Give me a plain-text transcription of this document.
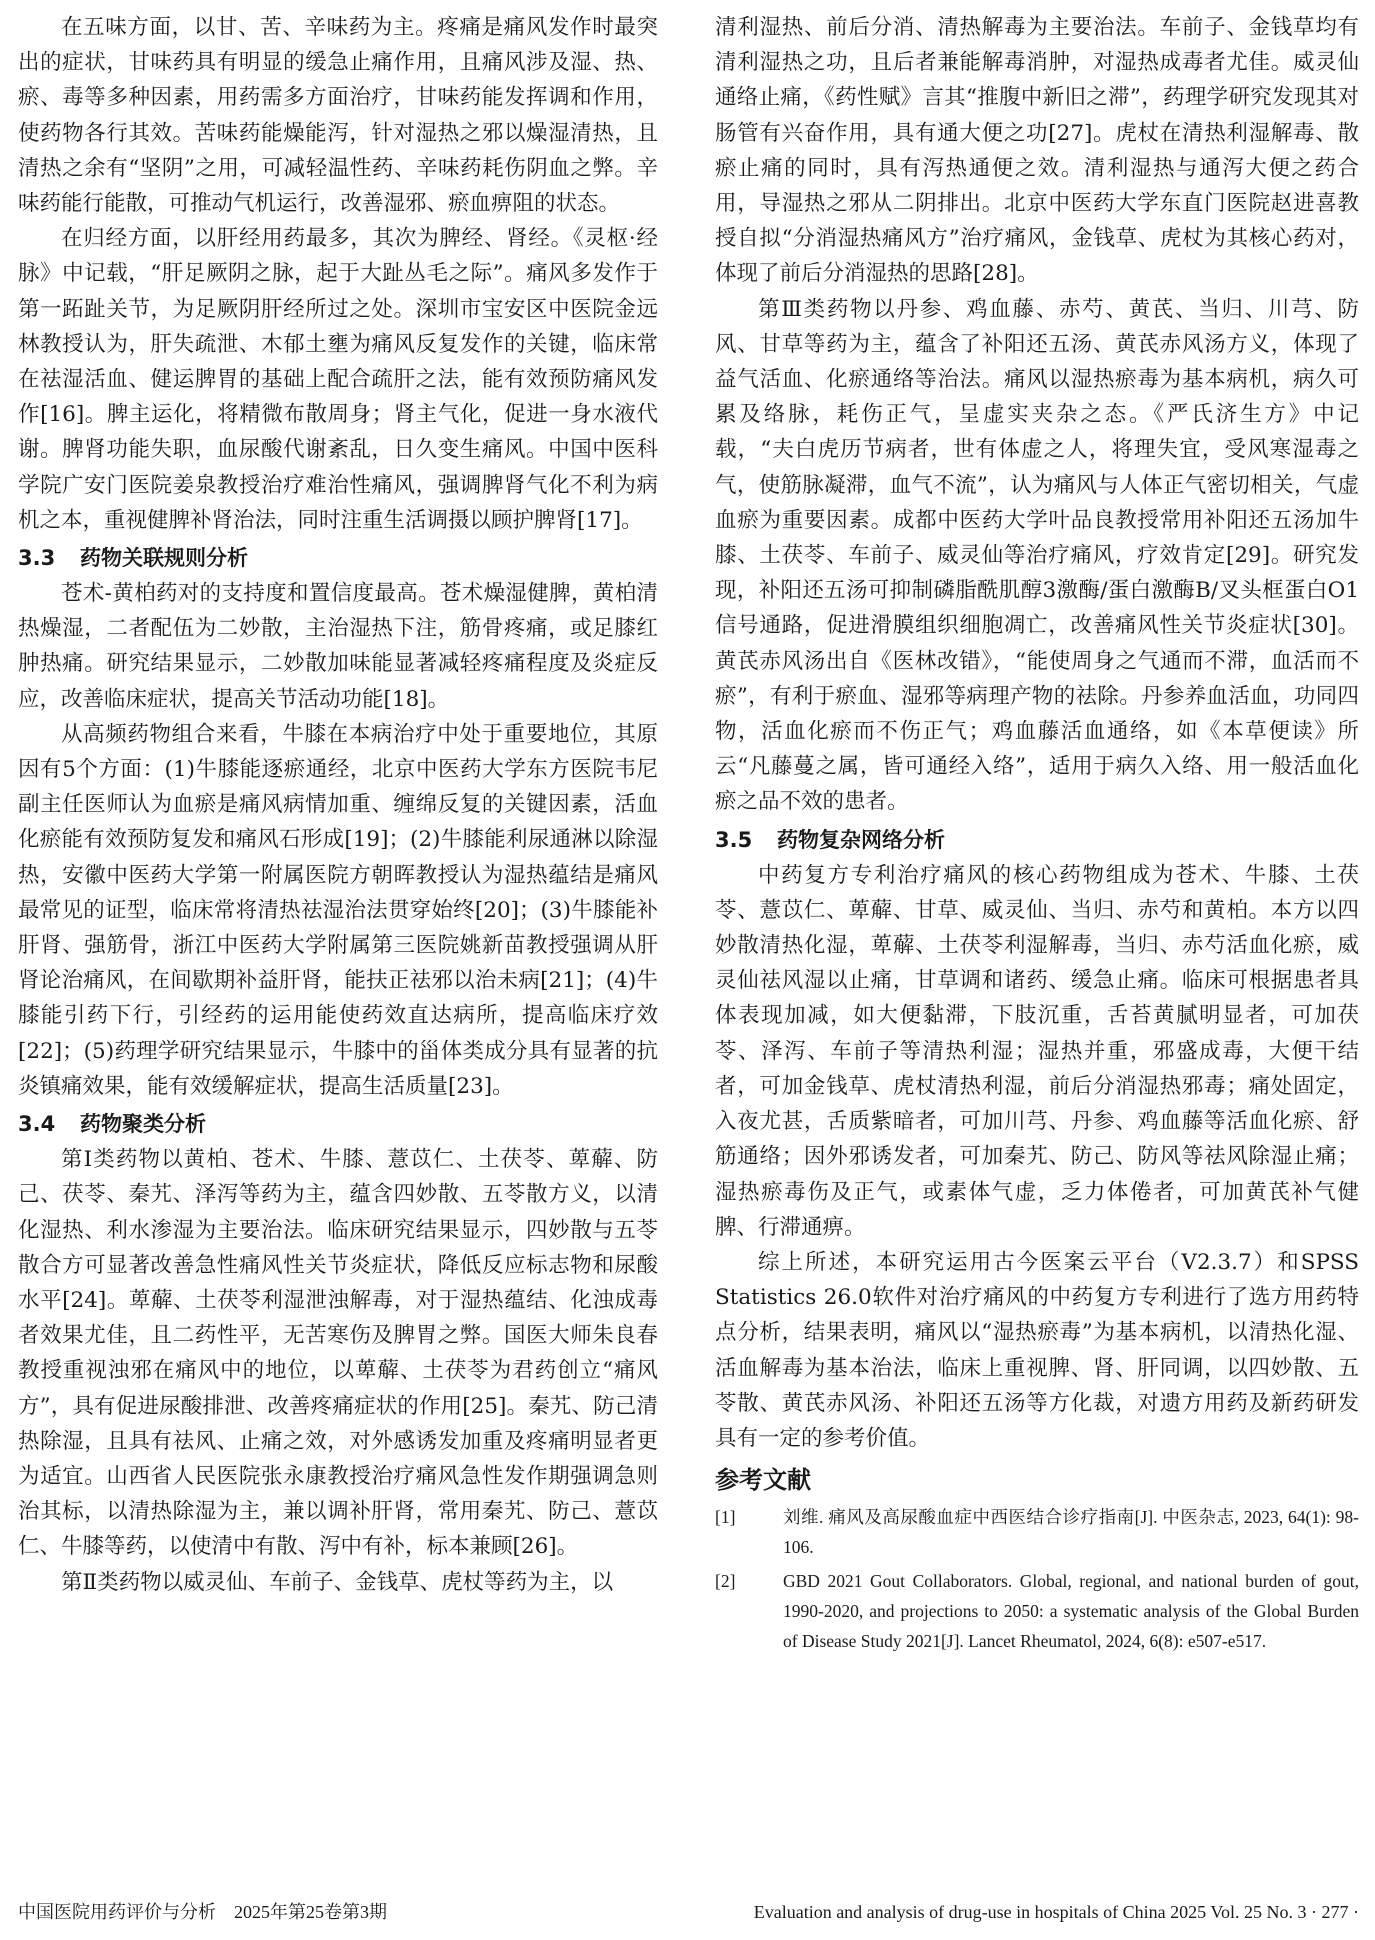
在五味方面，以甘、苦、辛味药为主。疼痛是痛风发作时最突出的症状，甘味药具有明显的缓急止痛作用，且痛风涉及湿、热、瘀、毒等多种因素，用药需多方面治疗，甘味药能发挥调和作用，使药物各行其效。苦味药能燥能泻，针对湿热之邪以燥湿清热，且清热之余有“坚阴”之用，可减轻温性药、辛味药耗伤阴血之弊。辛味药能行能散，可推动气机运行，改善湿邪、瘀血痹阻的状态。

在归经方面，以肝经用药最多，其次为脾经、肾经。《灵枢·经脉》中记载，“肝足厥阴之脉，起于大趾丛毛之际”。痛风多发作于第一跖趾关节，为足厥阴肝经所过之处。深圳市宝安区中医院金远林教授认为，肝失疏泄、木郁土壅为痛风反复发作的关键，临床常在祛湿活血、健运脾胃的基础上配合疏肝之法，能有效预防痛风发作[16]。脾主运化，将精微布散周身；肾主气化，促进一身水液代谢。脾肾功能失职，血尿酸代谢紊乱，日久变生痛风。中国中医科学院广安门医院姜泉教授治疗难治性痛风，强调脾肾气化不利为病机之本，重视健脾补肾治法，同时注重生活调摄以顾护脾肾[17]。

3.3 药物关联规则分析

苍术-黄柏药对的支持度和置信度最高。苍术燥湿健脾，黄柏清热燥湿，二者配伍为二妙散，主治湿热下注，筋骨疼痛，或足膝红肿热痛。研究结果显示，二妙散加味能显著减轻疼痛程度及炎症反应，改善临床症状，提高关节活动功能[18]。

从高频药物组合来看，牛膝在本病治疗中处于重要地位，其原因有5个方面：(1)牛膝能逐瘀通经，北京中医药大学东方医院韦尼副主任医师认为血瘀是痛风病情加重、缠绵反复的关键因素，活血化瘀能有效预防复发和痛风石形成[19]；(2)牛膝能利尿通淋以除湿热，安徽中医药大学第一附属医院方朝晖教授认为湿热蕴结是痛风最常见的证型，临床常将清热祛湿治法贯穿始终[20]；(3)牛膝能补肝肾、强筋骨，浙江中医药大学附属第三医院姚新苗教授强调从肝肾论治痛风，在间歇期补益肝肾，能扶正祛邪以治未病[21]；(4)牛膝能引药下行，引经药的运用能使药效直达病所，提高临床疗效[22]；(5)药理学研究结果显示，牛膝中的甾体类成分具有显著的抗炎镇痛效果，能有效缓解症状，提高生活质量[23]。

3.4 药物聚类分析

第Ⅰ类药物以黄柏、苍术、牛膝、薏苡仁、土茯苓、萆薢、防己、茯苓、秦艽、泽泻等药为主，蕴含四妙散、五苓散方义，以清化湿热、利水渗湿为主要治法。临床研究结果显示，四妙散与五苓散合方可显著改善急性痛风性关节炎症状，降低反应标志物和尿酸水平[24]。萆薢、土茯苓利湿泄浊解毒，对于湿热蕴结、化浊成毒者效果尤佳，且二药性平，无苦寒伤及脾胃之弊。国医大师朱良春教授重视浊邪在痛风中的地位，以萆薢、土茯苓为君药创立“痛风方”，具有促进尿酸排泄、改善疼痛症状的作用[25]。秦艽、防己清热除湿，且具有祛风、止痛之效，对外感诱发加重及疼痛明显者更为适宜。山西省人民医院张永康教授治疗痛风急性发作期强调急则治其标，以清热除湿为主，兼以调补肝肾，常用秦艽、防己、薏苡仁、牛膝等药，以使清中有散、泻中有补，标本兼顾[26]。

第Ⅱ类药物以威灵仙、车前子、金钱草、虎杖等药为主，以

清利湿热、前后分消、清热解毒为主要治法。车前子、金钱草均有清利湿热之功，且后者兼能解毒消肿，对湿热成毒者尤佳。威灵仙通络止痛，《药性赋》言其“推腹中新旧之滞”，药理学研究发现其对肠管有兴奋作用，具有通大便之功[27]。虎杖在清热利湿解毒、散瘀止痛的同时，具有泻热通便之效。清利湿热与通泻大便之药合用，导湿热之邪从二阴排出。北京中医药大学东直门医院赵进喜教授自拟“分消湿热痛风方”治疗痛风，金钱草、虎杖为其核心药对，体现了前后分消湿热的思路[28]。

第Ⅲ类药物以丹参、鸡血藤、赤芍、黄芪、当归、川芎、防风、甘草等药为主，蕴含了补阳还五汤、黄芪赤风汤方义，体现了益气活血、化瘀通络等治法。痛风以湿热瘀毒为基本病机，病久可累及络脉，耗伤正气，呈虚实夹杂之态。《严氏济生方》中记载，“夫白虎历节病者，世有体虚之人，将理失宜，受风寒湿毒之气，使筋脉凝滞，血气不流”，认为痛风与人体正气密切相关，气虚血瘀为重要因素。成都中医药大学叶品良教授常用补阳还五汤加牛膝、土茯苓、车前子、威灵仙等治疗痛风，疗效肯定[29]。研究发现，补阳还五汤可抑制磷脂酰肌醇3激酶/蛋白激酶B/叉头框蛋白O1信号通路，促进滑膜组织细胞凋亡，改善痛风性关节炎症状[30]。黄芪赤风汤出自《医林改错》，“能使周身之气通而不滞，血活而不瘀”，有利于瘀血、湿邪等病理产物的祛除。丹参养血活血，功同四物，活血化瘀而不伤正气；鸡血藤活血通络，如《本草便读》所云“凡藤蔓之属，皆可通经入络”，适用于病久入络、用一般活血化瘀之品不效的患者。

3.5 药物复杂网络分析

中药复方专利治疗痛风的核心药物组成为苍术、牛膝、土茯苓、薏苡仁、萆薢、甘草、威灵仙、当归、赤芍和黄柏。本方以四妙散清热化湿，萆薢、土茯苓利湿解毒，当归、赤芍活血化瘀，威灵仙祛风湿以止痛，甘草调和诸药、缓急止痛。临床可根据患者具体表现加减，如大便黏滞，下肢沉重，舌苔黄腻明显者，可加茯苓、泽泻、车前子等清热利湿；湿热并重，邪盛成毒，大便干结者，可加金钱草、虎杖清热利湿，前后分消湿热邪毒；痛处固定，入夜尤甚，舌质紫暗者，可加川芎、丹参、鸡血藤等活血化瘀、舒筋通络；因外邪诱发者，可加秦艽、防己、防风等祛风除湿止痛；湿热瘀毒伤及正气，或素体气虚，乏力体倦者，可加黄芪补气健脾、行滞通痹。

综上所述，本研究运用古今医案云平台（V2.3.7）和SPSS Statistics 26.0软件对治疗痛风的中药复方专利进行了选方用药特点分析，结果表明，痛风以“湿热瘀毒”为基本病机，以清热化湿、活血解毒为基本治法，临床上重视脾、肾、肝同调，以四妙散、五苓散、黄芪赤风汤、补阳还五汤等方化裁，对遗方用药及新药研发具有一定的参考价值。

参考文献
[1]	刘维. 痛风及高尿酸血症中西医结合诊疗指南[J]. 中医杂志, 2023, 64(1): 98-106.
[2]	GBD 2021 Gout Collaborators. Global, regional, and national burden of gout, 1990-2020, and projections to 2050: a systematic analysis of the Global Burden of Disease Study 2021[J]. Lancet Rheumatol, 2024, 6(8): e507-e517.
中国医院用药评价与分析　2025年第25卷第3期	Evaluation and analysis of drug-use in hospitals of China 2025 Vol. 25 No. 3 · 277 ·
